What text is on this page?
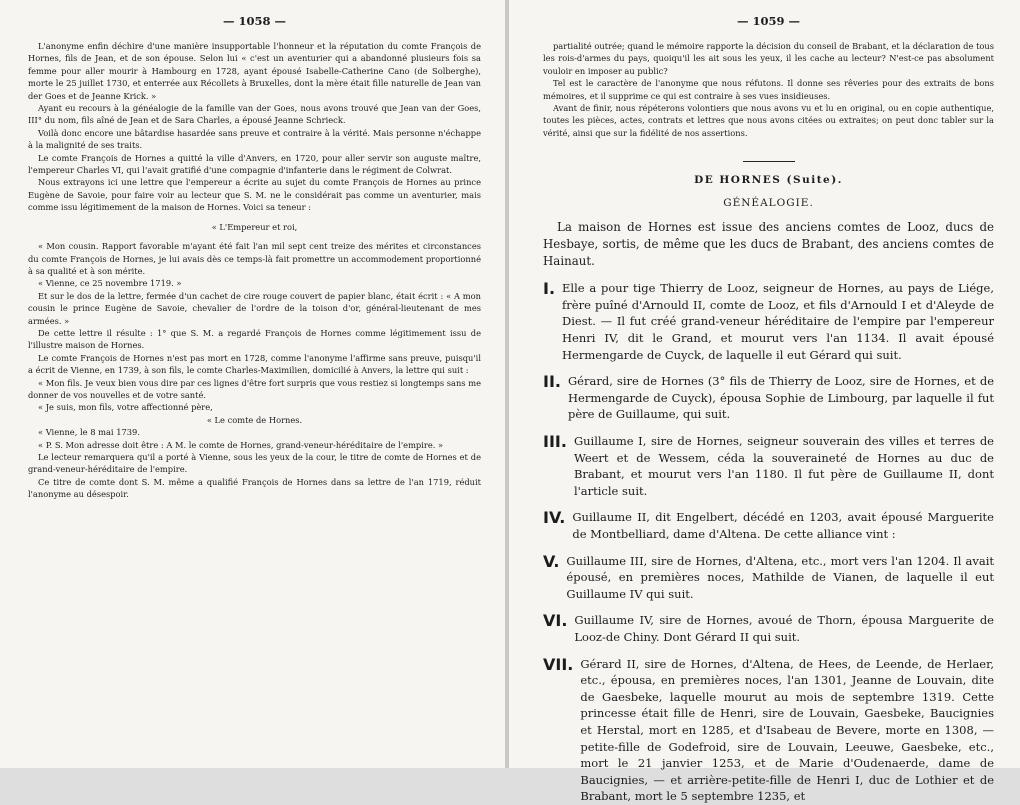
— 1058 —

L'anonyme enfin déchire d'une manière insupportable l'honneur et la réputation du comte François de Hornes, fils de Jean, et de son épouse. Selon lui « c'est un aventurier qui a abandonné plusieurs fois sa femme pour aller mourir à Hambourg en 1728, ayant épousé Isabelle-Catherine Cano (de Solberghe), morte le 25 juillet 1730, et enterrée aux Récollets à Bruxelles, dont la mère était fille naturelle de Jean van der Goes et de Jeanne Krick. »

Ayant eu recours à la généalogie de la famille van der Goes, nous avons trouvé que Jean van der Goes, III° du nom, fils aîné de Jean et de Sara Charles, a épousé Jeanne Schrieck.

Voilà donc encore une bâtardise hasardée sans preuve et contraire à la vérité. Mais personne n'échappe à la malignité de ses traits.

Le comte François de Hornes a quitté la ville d'Anvers, en 1720, pour aller servir son auguste maître, l'empereur Charles VI, qui l'avait gratifié d'une compagnie d'infanterie dans le régiment de Colwrat.

Nous extrayons ici une lettre que l'empereur a écrite au sujet du comte François de Hornes au prince Eugène de Savoie, pour faire voir au lecteur que S. M. ne le considérait pas comme un aventurier, mais comme issu légitimement de la maison de Hornes. Voici sa teneur :

« L'Empereur et roi,

« Mon cousin. Rapport favorable m'ayant été fait l'an mil sept cent treize des mérites et circonstances du comte François de Hornes, je lui avais dès ce temps-là fait promettre un accommodement proportionné à sa qualité et à son mérite.

« Vienne, ce 25 novembre 1719. »

Et sur le dos de la lettre, fermée d'un cachet de cire rouge couvert de papier blanc, était écrit : « A mon cousin le prince Eugène de Savoie, chevalier de l'ordre de la toison d'or, général-lieutenant de mes armées. »

De cette lettre il résulte : 1° que S. M. a regardé François de Hornes comme légitimement issu de l'illustre maison de Hornes.

Le comte François de Hornes n'est pas mort en 1728, comme l'anonyme l'affirme sans preuve, puisqu'il a écrit de Vienne, en 1739, à son fils, le comte Charles-Maximilien, domicilié à Anvers, la lettre qui suit :

« Mon fils. Je veux bien vous dire par ces lignes d'être fort surpris que vous restiez si longtemps sans me donner de vos nouvelles et de votre santé.

« Je suis, mon fils, votre affectionné père,

« Le comte de Hornes.

« Vienne, le 8 mai 1739.

« P. S. Mon adresse doit être : A M. le comte de Hornes, grand-veneur-héréditaire de l'empire. »

Le lecteur remarquera qu'il a porté à Vienne, sous les yeux de la cour, le titre de comte de Hornes et de grand-veneur-héréditaire de l'empire.

Ce titre de comte dont S. M. même a qualifié François de Hornes dans sa lettre de l'an 1719, réduit l'anonyme au désespoir.

— 1059 —

partialité outrée; quand le mémoire rapporte la décision du conseil de Brabant, et la déclaration de tous les rois-d'armes du pays, quoiqu'il les ait sous les yeux, il les cache au lecteur? N'est-ce pas absolument vouloir en imposer au public?

Tel est le caractère de l'anonyme que nous réfutons. Il donne ses rêveries pour des extraits de bons mémoires, et il supprime ce qui est contraire à ses vues insidieuses.

Avant de finir, nous répéterons volontiers que nous avons vu et lu en original, ou en copie authentique, toutes les pièces, actes, contrats et lettres que nous avons citées ou extraites; on peut donc tabler sur la vérité, ainsi que sur la fidélité de nos assertions.

DE HORNES (Suite).

GÉNÉALOGIE.

La maison de Hornes est issue des anciens comtes de Looz, ducs de Hesbaye, sortis, de même que les ducs de Brabant, des anciens comtes de Hainaut.

I. Elle a pour tige Thierry de Looz, seigneur de Hornes, au pays de Liége, frère puîné d'Arnould II, comte de Looz, et fils d'Arnould I et d'Aleyde de Diest. — Il fut créé grand-veneur héréditaire de l'empire par l'empereur Henri IV, dit le Grand, et mourut vers l'an 1134. Il avait épousé Hermengarde de Cuyck, de laquelle il eut Gérard qui suit.
II. Gérard, sire de Hornes (3° fils de Thierry de Looz, sire de Hornes, et de Hermengarde de Cuyck), épousa Sophie de Limbourg, par laquelle il fut père de Guillaume, qui suit.
III. Guillaume I, sire de Hornes, seigneur souverain des villes et terres de Weert et de Wessem, céda la souveraineté de Hornes au duc de Brabant, et mourut vers l'an 1180. Il fut père de Guillaume II, dont l'article suit.
IV. Guillaume II, dit Engelbert, décédé en 1203, avait épousé Marguerite de Montbelliard, dame d'Altena. De cette alliance vint :
V. Guillaume III, sire de Hornes, d'Altena, etc., mort vers l'an 1204. Il avait épousé, en premières noces, Mathilde de Vianen, de laquelle il eut Guillaume IV qui suit.
VI. Guillaume IV, sire de Hornes, avoué de Thorn, épousa Marguerite de Looz-de Chiny. Dont Gérard II qui suit.
VII. Gérard II, sire de Hornes, d'Altena, de Hees, de Leende, de Herlaer, etc., épousa, en premières noces, l'an 1301, Jeanne de Louvain, dite de Gaesbeke, laquelle mourut au mois de septembre 1319. Cette princesse était fille de Henri, sire de Louvain, Gaesbeke, Baucignies et Herstal, mort en 1285, et d'Isabeau de Bevere, morte en 1308, — petite-fille de Godefroid, sire de Louvain, Leeuwe, Gaesbeke, etc., mort le 21 janvier 1253, et de Marie d'Oudenaerde, dame de Baucignies, — et arrière-petite-fille de Henri I, duc de Lothier et de Brabant, mort le 5 septembre 1235, et
